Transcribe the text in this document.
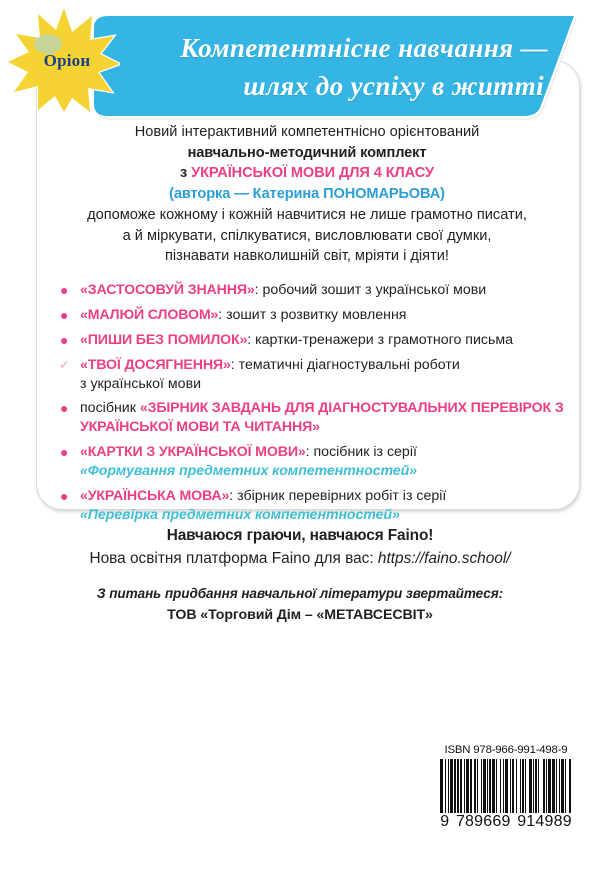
Компетентнісне навчання —
шлях до успіху в житті
Оріон
Новий інтерактивний компетентнісно орієнтований
навчально-методичний комплект
з УКРАЇНСЬКОЇ МОВИ ДЛЯ 4 КЛАСУ
(авторка — Катерина ПОНОМАРЬОВА)
допоможе кожному і кожній навчитися не лише грамотно писати,
а й міркувати, спілкуватися, висловлювати свої думки,
пізнавати навколишній світ, мріяти і діяти!
● «ЗАСТОСОВУЙ ЗНАННЯ»: робочий зошит з української мови
● «МАЛЮЙ СЛОВОМ»: зошит з розвитку мовлення
● «ПИШИ БЕЗ ПОМИЛОК»: картки-тренажери з грамотного письма
✓ «ТВОЇ ДОСЯГНЕННЯ»: тематичні діагностувальні роботи
з української мови
● посібник «ЗБІРНИК ЗАВДАНЬ ДЛЯ ДІАГНОСТУВАЛЬНИХ ПЕРЕВІРОК З УКРАЇНСЬКОЇ МОВИ ТА ЧИТАННЯ»
● «КАРТКИ З УКРАЇНСЬКОЇ МОВИ»: посібник із серії
«Формування предметних компетентностей»
● «УКРАЇНСЬКА МОВА»: збірник перевірних робіт із серії
«Перевірка предметних компетентностей»
Навчаюся граючи, навчаюся Faino!
Нова освітня платформа Faino для вас: https://faino.school/
З питань придбання навчальної літератури звертайтеся:
ТОВ «Торговий Дім – «МЕТАВСЕСВІТ»
ISBN 978-966-991-498-9
9 789669 914989
